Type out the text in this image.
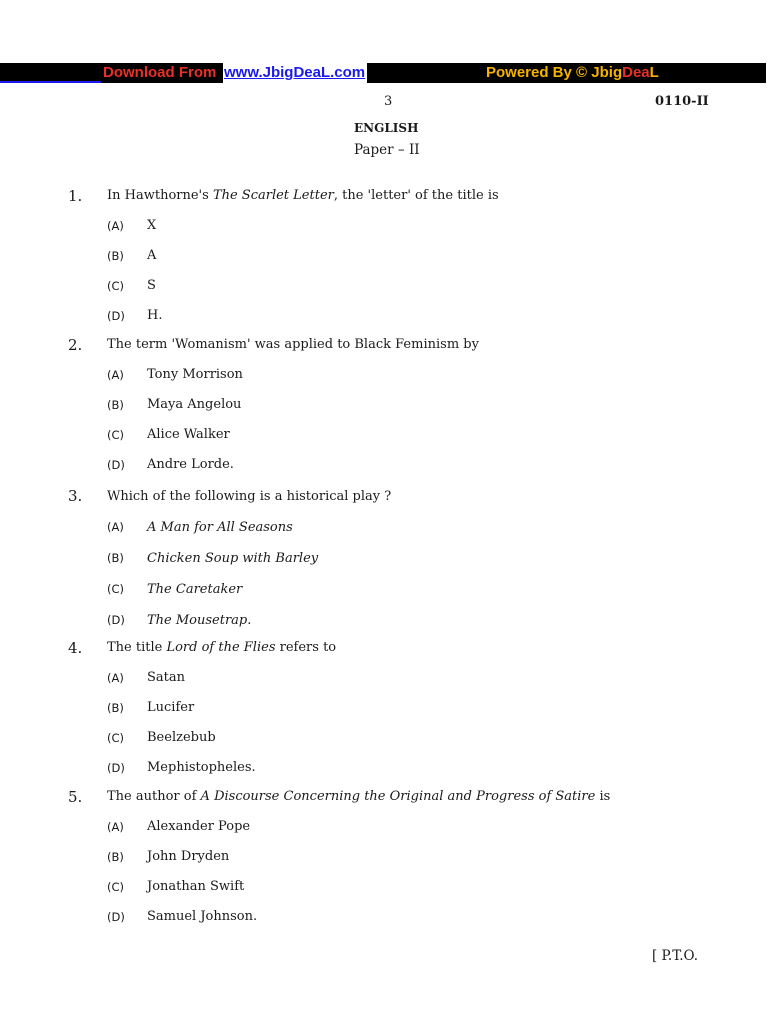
Download From www.JbigDeaL.com	Powered By © JbigDeaL
3	0110-II
ENGLISH
Paper – II
1. In Hawthorne's The Scarlet Letter, the 'letter' of the title is
(A) X
(B) A
(C) S
(D) H.
2. The term 'Womanism' was applied to Black Feminism by
(A) Tony Morrison
(B) Maya Angelou
(C) Alice Walker
(D) Andre Lorde.
3. Which of the following is a historical play ?
(A) A Man for All Seasons
(B) Chicken Soup with Barley
(C) The Caretaker
(D) The Mousetrap.
4. The title Lord of the Flies refers to
(A) Satan
(B) Lucifer
(C) Beelzebub
(D) Mephistopheles.
5. The author of A Discourse Concerning the Original and Progress of Satire is
(A) Alexander Pope
(B) John Dryden
(C) Jonathan Swift
(D) Samuel Johnson.
[ P.T.O.
